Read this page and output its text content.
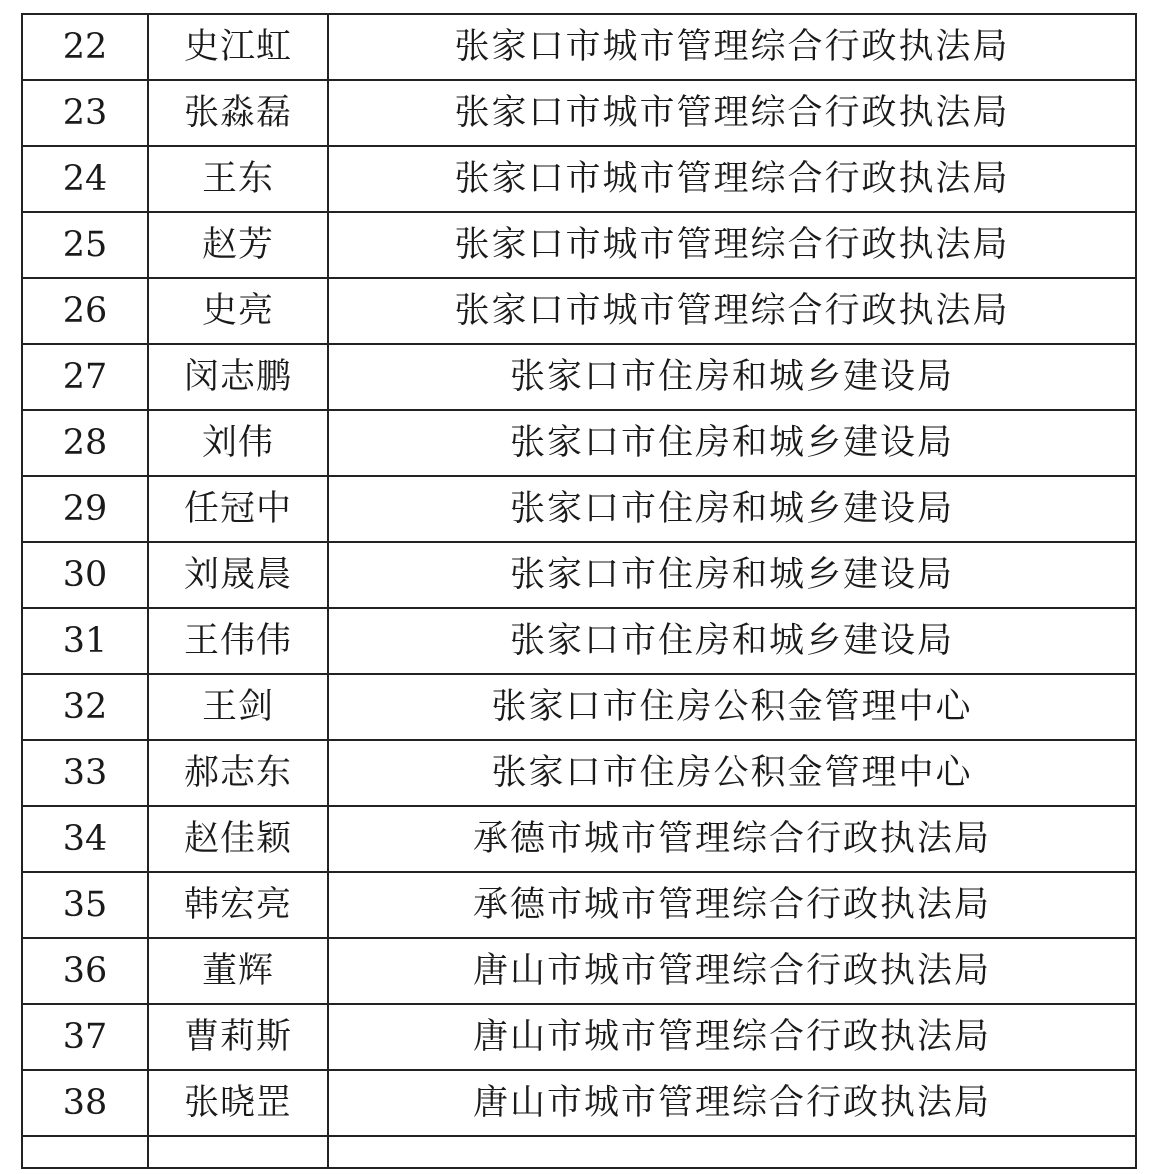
22	史江虹	张家口市城市管理综合行政执法局
23	张淼磊	张家口市城市管理综合行政执法局
24	王东	张家口市城市管理综合行政执法局
25	赵芳	张家口市城市管理综合行政执法局
26	史亮	张家口市城市管理综合行政执法局
27	闵志鹏	张家口市住房和城乡建设局
28	刘伟	张家口市住房和城乡建设局
29	任冠中	张家口市住房和城乡建设局
30	刘晟晨	张家口市住房和城乡建设局
31	王伟伟	张家口市住房和城乡建设局
32	王剑	张家口市住房公积金管理中心
33	郝志东	张家口市住房公积金管理中心
34	赵佳颖	承德市城市管理综合行政执法局
35	韩宏亮	承德市城市管理综合行政执法局
36	董辉	唐山市城市管理综合行政执法局
37	曹莉斯	唐山市城市管理综合行政执法局
38	张晓罡	唐山市城市管理综合行政执法局
